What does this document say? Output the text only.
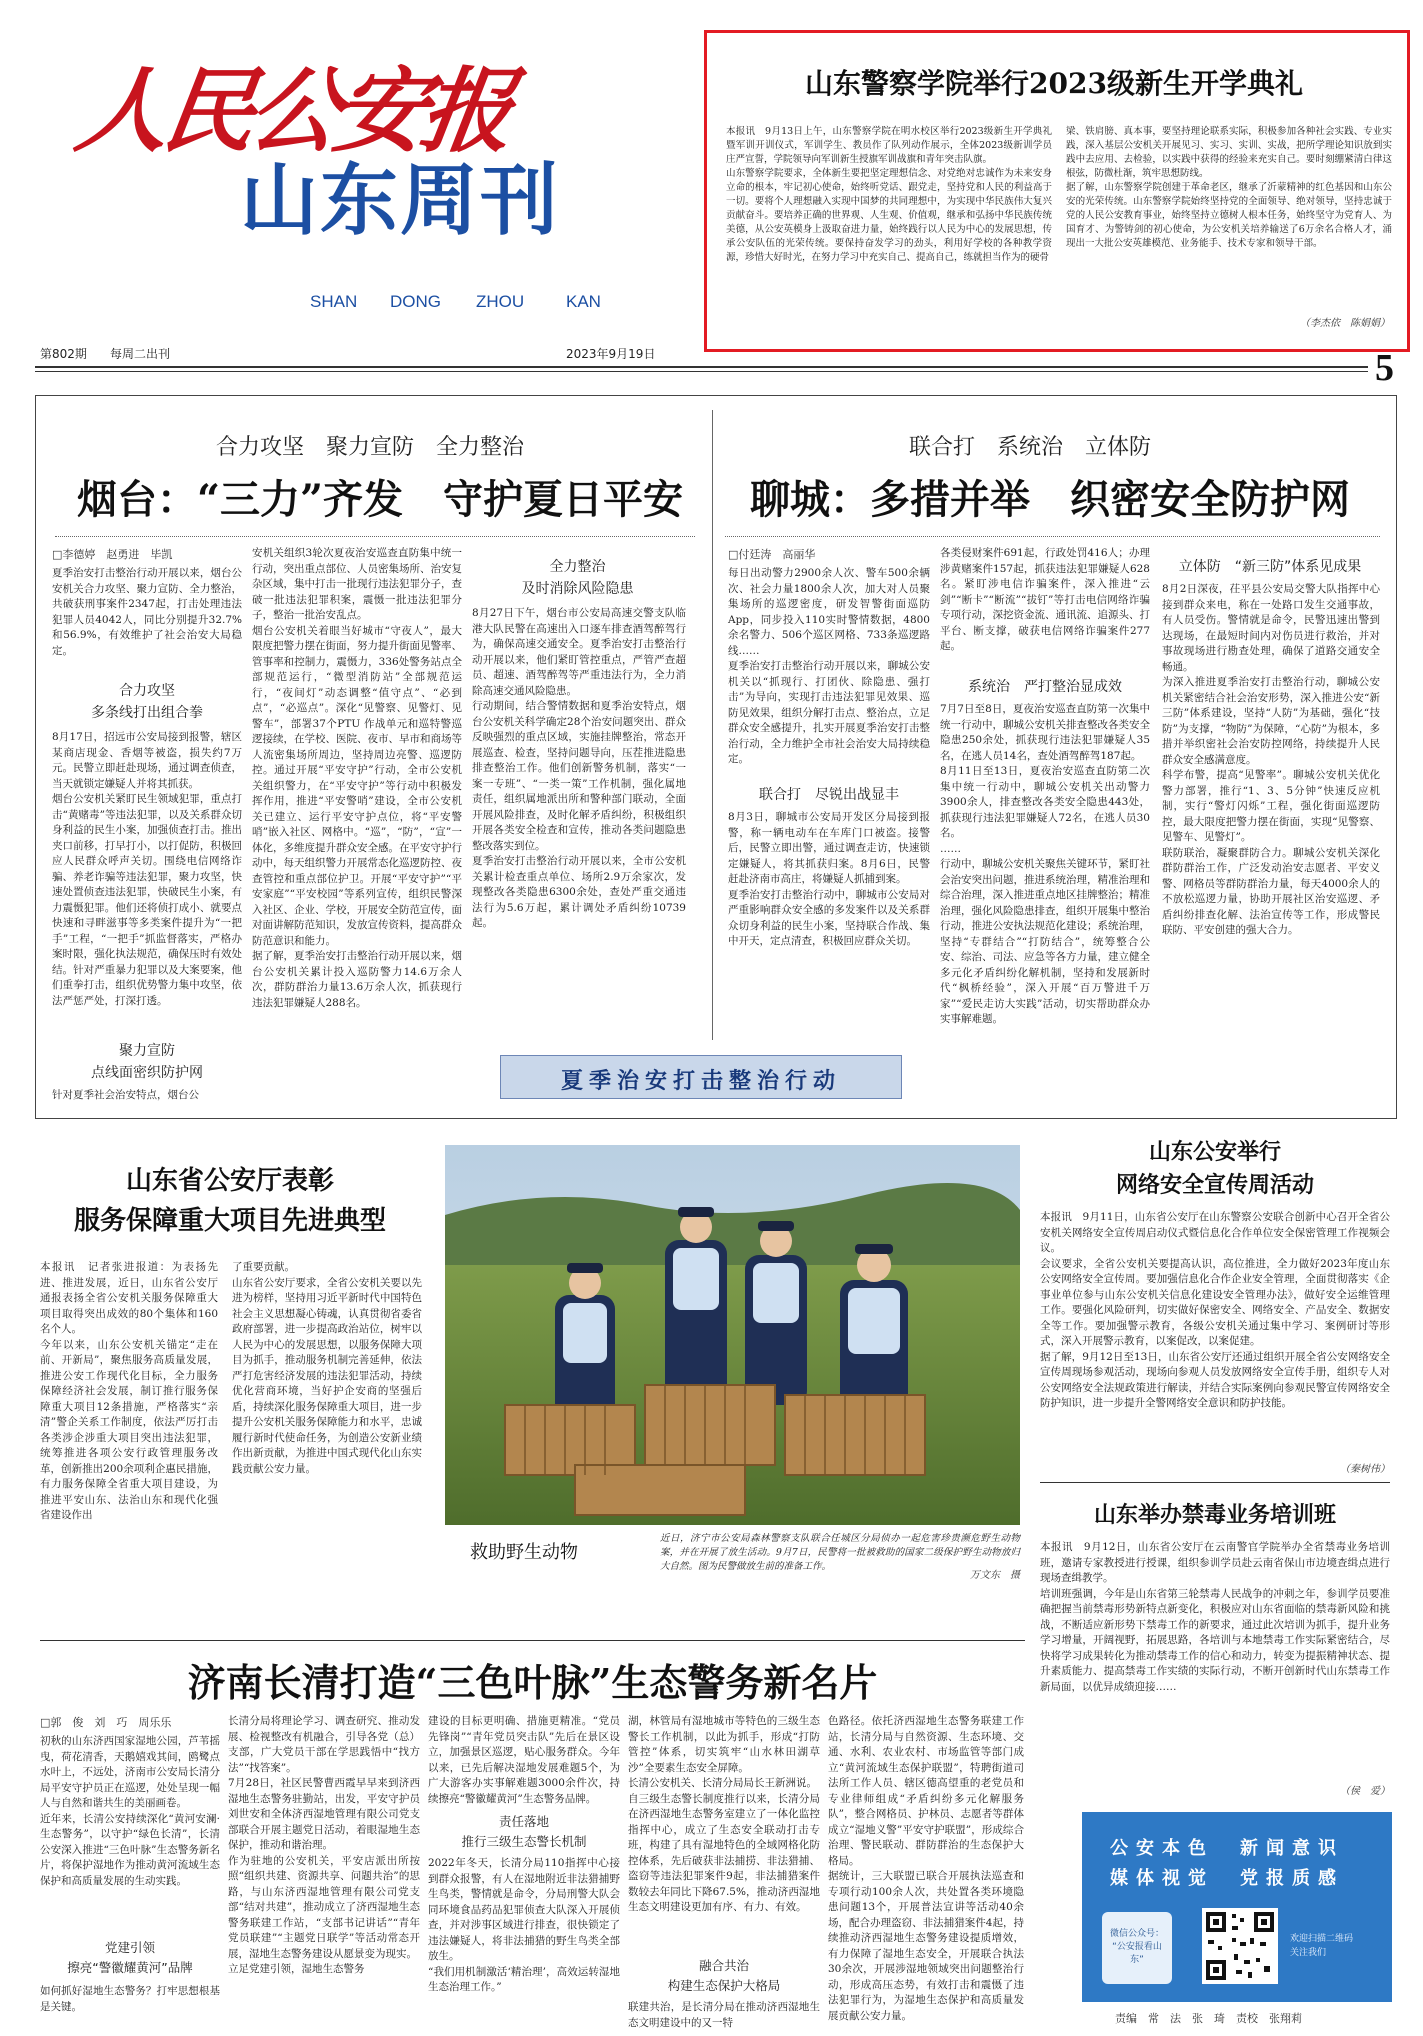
人民公安报
山东周刊
SHAN DONG ZHOU KAN
第802期 每周二出刊	2023年9月19日	5
山东警察学院举行2023级新生开学典礼
本报讯　9月13日上午，山东警察学院在明水校区举行2023级新生开学典礼暨军训开训仪式，军训学生、教员作了队列动作展示，全体2023级新训学员庄严宣誓，学院领导向军训新生授旗军训战旗和青年突击队旗。
山东警察学院要求，全体新生要把坚定理想信念、对党绝对忠诚作为未来安身立命的根本，牢记初心使命，始终听党话、跟党走，坚持党和人民的利益高于一切。要将个人理想融入实现中国梦的共同理想中，为实现中华民族伟大复兴贡献奋斗。要培养正确的世界观、人生观、价值观，继承和弘扬中华民族传统美德，从公安英模身上汲取奋进力量，始终践行以人民为中心的发展思想，传承公安队伍的光荣传统。要保持奋发学习的劲头，利用好学校的各种教学资源，珍惜大好时光，在努力学习中充实自己、提高自己，练就担当作为的硬骨
梁、铁肩膀、真本事，要坚持理论联系实际，积极参加各种社会实践、专业实践，深入基层公安机关开展见习、实习、实训、实战，把所学理论知识放到实践中去应用、去检验，以实践中获得的经验来充实自己。要时刻绷紧清白律这根弦，防微杜渐，筑牢思想防线。
据了解，山东警察学院创建于革命老区，继承了沂蒙精神的红色基因和山东公安的光荣传统。山东警察学院始终坚持党的全面领导、绝对领导，坚持忠诚于党的人民公安教育事业，始终坚持立德树人根本任务，始终坚守为党育人、为国育才、为警铸剑的初心使命，为公安机关培养输送了6万余名合格人才，涌现出一大批公安英雄模范、业务能手、技术专家和领导干部。
（李杰依　陈娟娟）
合力攻坚　聚力宣防　全力整治
烟台：“三力”齐发　守护夏日平安
□李德婷　赵勇进　毕凯
夏季治安打击整治行动开展以来，烟台公安机关合力攻坚、聚力宣防、全力整治，共破获刑事案件2347起，打击处理违法犯罪人员4042人，同比分别提升32.7%和56.9%，有效维护了社会治安大局稳定。
合力攻坚
多条线打出组合拳
8月17日，招远市公安局接到报警，辖区某商店现金、香烟等被盗，损失约7万元。民警立即赶赴现场，通过调查侦查，当天就锁定嫌疑人并将其抓获。
烟台公安机关紧盯民生领域犯罪，重点打击“黄赌毒”等违法犯罪，以及关系群众切身利益的民生小案，加强侦查打击。推出夹口前移，打早打小，以打促防，积极回应人民群众呼声关切。围绕电信网络诈骗、养老诈骗等违法犯罪，聚力攻坚，快速处置侦查违法犯罪，快破民生小案，有力震慑犯罪。他们还将侦打成小、就要点快速和寻畔滋事等多类案件提升为“一把手”工程，“一把手”抓监督落实，严格办案时限，强化执法规范，确保压时有效处结。针对严重暴力犯罪以及大案要案，他们重拳打击，组织优势警力集中攻坚，依法严惩严处，打深打透。
聚力宣防
点线面密织防护网
针对夏季社会治安特点，烟台公
安机关组织3轮次夏夜治安巡查直防集中统一行动，突出重点部位、人员密集场所、治安复杂区域，集中打击一批现行违法犯罪分子，查破一批违法犯罪积案，震慑一批违法犯罪分子，整治一批治安乱点。
烟台公安机关着眼当好城市“守夜人”，最大限度把警力摆在街面，努力提升街面见警率、管事率和控制力，震慑力，336处警务站点全部规范运行，“微型消防站”全部规范运行，“夜间灯”动态调整“值守点”、“必到点”，“必巡点”。深化“见警察、见警灯、见警车”，部署37个PTU 作战单元和巡特警巡逻接续，在学校、医院、夜市、早市和商场等人流密集场所周边，坚持周边亮警、巡逻防控。通过开展“平安守护”行动，全市公安机关组织警力，在“平安守护”等行动中积极发挥作用，推进“平安警哨”建设，全市公安机关已建立、运行平安守护点位，将“平安警哨”嵌入社区、网格中。“巡”，“防”，“宣”一体化，多维度提升群众安全感。在平安守护行动中，每天组织警力开展常态化巡逻防控、夜查管控和重点部位护卫。开展“平安守护”“平安家庭”“平安校园”等系列宣传，组织民警深入社区、企业、学校，开展安全防范宣传，面对面讲解防范知识，发放宣传资料，提高群众防范意识和能力。
据了解，夏季治安打击整治行动开展以来，烟台公安机关累计投入巡防警力14.6万余人次，群防群治力量13.6万余人次，抓获现行违法犯罪嫌疑人288名。
全力整治
及时消除风险隐患
8月27日下午，烟台市公安局高速交警支队临港大队民警在高速出入口逐车排查酒驾醉驾行为，确保高速交通安全。夏季治安打击整治行动开展以来，他们紧盯管控重点，严管严查超员、超速、酒驾醉驾等严重违法行为，全力消除高速交通风险隐患。
行动期间，结合警情数据和夏季治安特点，烟台公安机关科学确定28个治安问题突出、群众反映强烈的重点区域，实施挂牌整治，常态开展巡查、检查，坚持问题导向，压茬推进隐患排查整治工作。他们创新警务机制，落实“一案一专班”、“一类一策”工作机制，强化属地责任，组织属地派出所和警种部门联动，全面开展风险排查，及时化解矛盾纠纷，积极组织开展各类安全检查和宣传，推动各类问题隐患整改落实到位。
夏季治安打击整治行动开展以来，全市公安机关累计检查重点单位、场所2.9万余家次，发现整改各类隐患6300余处，查处严重交通违法行为5.6万起，累计调处矛盾纠纷10739起。
夏季治安打击整治行动
联合打　系统治　立体防
聊城：多措并举　织密安全防护网
□付廷涛　高丽华
每日出动警力2900余人次、警车500余辆次、社会力量1800余人次，加大对人员聚集场所的巡逻密度，研发智警街面巡防 App，同步投入110实时警情数据，4800余名警力、506个巡区网格、733条巡逻路线……
夏季治安打击整治行动开展以来，聊城公安机关以“抓现行、打团伙、除隐患、强打击”为导向，实现打击违法犯罪见效果、巡防见效果，组织分解打击点、整治点，立足群众安全感提升，扎实开展夏季治安打击整治行动，全力维护全市社会治安大局持续稳定。
联合打　尽锐出战显丰
8月3日，聊城市公安局开发区分局接到报警，称一辆电动车在车库门口被盗。接警后，民警立即出警，通过调查走访，快速锁定嫌疑人，将其抓获归案。8月6日，民警赶赴济南市高庄，将嫌疑人抓捕到案。
夏季治安打击整治行动中，聊城市公安局对严重影响群众安全感的多发案件以及关系群众切身利益的民生小案，坚持联合作战、集中开天，定点清查，积极回应群众关切。
各类侵财案件691起，行政处罚416人；办理涉黄赌案件157起，抓获违法犯罪嫌疑人628名。紧盯涉电信诈骗案件，深入推进“云剑”“断卡”“断流”“拔钉”等打击电信网络诈骗专项行动，深挖资金流、通讯流、追源头、打平台、断支撑，破获电信网络诈骗案件277起。
系统治　严打整治显成效
7月7日至8日，夏夜治安巡查直防第一次集中统一行动中，聊城公安机关排查整改各类安全隐患250余处，抓获现行违法犯罪嫌疑人35名，在逃人员14名，查处酒驾醉驾187起。
8月11日至13日，夏夜治安巡查直防第二次集中统一行动中，聊城公安机关出动警力3900余人，排查整改各类安全隐患443处，抓获现行违法犯罪嫌疑人72名，在逃人员30名。
……
行动中，聊城公安机关聚焦关键环节，紧盯社会治安突出问题，推进系统治理，精准治理和综合治理，深入推进重点地区挂牌整治；精准治理，强化风险隐患排查，组织开展集中整治行动，推进公安执法规范化建设；系统治理，坚持“专群结合”“打防结合”，统筹整合公安、综治、司法、应急等各方力量，建立健全多元化矛盾纠纷化解机制，坚持和发展新时代“枫桥经验”，深入开展“百万警进千万家”“爱民走访大实践”活动，切实帮助群众办实事解难题。
立体防　“新三防”体系见成果
8月2日深夜，茌平县公安局交警大队指挥中心接到群众来电，称在一处路口发生交通事故，有人员受伤。警情就是命令，民警迅速出警到达现场，在最短时间内对伤员进行救治，并对事故现场进行勘查处理，确保了道路交通安全畅通。
为深入推进夏季治安打击整治行动，聊城公安机关紧密结合社会治安形势，深入推进公安“新三防”体系建设，坚持“人防”为基础，强化“技防”为支撑，“物防”为保障，“心防”为根本，多措并举织密社会治安防控网络，持续提升人民群众安全感满意度。
科学布警，提高“见警率”。聊城公安机关优化警力部署，推行“1、3、5分钟”快速反应机制，实行“警灯闪烁”工程，强化街面巡逻防控，最大限度把警力摆在街面，实现“见警察、见警车、见警灯”。
联防联治，凝聚群防合力。聊城公安机关深化群防群治工作，广泛发动治安志愿者、平安义警、网格员等群防群治力量，每天4000余人的不放松巡逻力量，协助开展社区治安巡逻、矛盾纠纷排查化解、法治宣传等工作，形成警民联防、平安创建的强大合力。
山东省公安厅表彰
服务保障重大项目先进典型
本报讯　记者张进报道：为表扬先进、推进发展，近日，山东省公安厅通报表扬全省公安机关服务保障重大项目取得突出成效的80个集体和160名个人。
今年以来，山东公安机关锚定“走在前、开新局”，聚焦服务高质量发展，推进公安工作现代化目标，全力服务保障经济社会发展，制订推行服务保障重大项目12条措施，严格落实“亲清”警企关系工作制度，依法严厉打击各类涉企涉重大项目突出违法犯罪，统筹推进各项公安行政管理服务改革，创新推出200余项利企惠民措施，有力服务保障全省重大项目建设，为推进平安山东、法治山东和现代化强省建设作出
了重要贡献。
山东省公安厅要求，全省公安机关要以先进为榜样，坚持用习近平新时代中国特色社会主义思想凝心铸魂，认真贯彻省委省政府部署，进一步提高政治站位，树牢以人民为中心的发展思想，以服务保障大项目为抓手，推动服务机制完善延伸，依法严打危害经济发展的违法犯罪活动，持续优化营商环境，当好护企安商的坚强后盾，持续深化服务保障重大项目，进一步提升公安机关服务保障能力和水平，忠诚履行新时代使命任务，为创造公安新业绩作出新贡献，为推进中国式现代化山东实践贡献公安力量。
救助野生动物
近日，济宁市公安局森林警察支队联合任城区分局侦办一起危害珍贵濒危野生动物案，并在开展了放生活动。9月7日，民警将一批被救助的国家二级保护野生动物放归大自然。图为民警做放生前的准备工作。
万文东　摄
山东公安举行
网络安全宣传周活动
本报讯　9月11日，山东省公安厅在山东警察公安联合创新中心召开全省公安机关网络安全宣传周启动仪式暨信息化合作单位安全保密管理工作视频会议。
会议要求，全省公安机关要提高认识，高位推进，全力做好2023年度山东公安网络安全宣传周。要加强信息化合作企业安全管理，全面贯彻落实《企事业单位参与山东公安机关信息化建设安全管理办法》，做好安全运维管理工作。要强化风险研判，切实做好保密安全、网络安全、产品安全、数据安全等工作。要加强警示教育，各级公安机关通过集中学习、案例研讨等形式，深入开展警示教育，以案促改，以案促建。
据了解，9月12日至13日，山东省公安厅还通过组织开展全省公安网络安全宣传周现场参观活动，现场向参观人员发放网络安全宣传手册，组织专人对公安网络安全法规政策进行解读，并结合实际案例向参观民警宣传网络安全防护知识，进一步提升全警网络安全意识和防护技能。
（秦树伟）
山东举办禁毒业务培训班
本报讯　9月12日，山东省公安厅在云南警官学院举办全省禁毒业务培训班，邀请专家教授进行授课，组织参训学员赴云南省保山市边境查缉点进行现场查缉教学。
培训班强调，今年是山东省第三轮禁毒人民战争的冲刺之年，参训学员要准确把握当前禁毒形势新特点新变化，积极应对山东省面临的禁毒新风险和挑战，不断适应新形势下禁毒工作的新要求，通过此次培训为抓手，提升业务学习增量，开阔视野，拓展思路，各培训与本地禁毒工作实际紧密结合，尽快将学习成果转化为推动禁毒工作的信心和动力，转变为提振精神状态、提升素质能力、提高禁毒工作实绩的实际行动，不断开创新时代山东禁毒工作新局面，以优异成绩迎接……
（侯　爱）
济南长清打造“三色叶脉”生态警务新名片
□郭　俊　刘　巧　周乐乐
初秋的山东济西国家湿地公园，芦苇摇曳，荷花清香，天鹅嬉戏其间，鸥鹭点水叶上，不远处，济南市公安局长清分局平安守护员正在巡逻，处处呈现一幅人与自然和谐共生的美丽画卷。
近年来，长清公安持续深化“黄河安澜·生态警务”，以守护“绿色长清”，长清公安深入推进“三色叶脉”生态警务新名片，将保护湿地作为推动黄河流域生态保护和高质量发展的生动实践。
党建引领
擦亮“警徽耀黄河”品牌
如何抓好湿地生态警务？打牢思想根基是关键。
长清分局将理论学习、调查研究、推动发展、检视整改有机融合，引导各党（总）支部，广大党员干部在学思践悟中“找方法”“找答案”。
7月28日，社区民警曹西霞早早来到济西湿地生态警务驻勤站，出发，平安守护员刘世安和全体济西湿地管理有限公司党支部联合开展主题党日活动，着眼湿地生态保护，推动和谐治理。
作为驻地的公安机关，平安店派出所按照“组织共建、资源共享、问题共治”的思路，与山东济西湿地管理有限公司党支部“结对共建”，推动成立了济西湿地生态警务联建工作站，“支部书记讲话”“青年党员联建”“主题党日联学”等活动常态开展，湿地生态警务建设从愿景变为现实。
立足党建引领，湿地生态警务
建设的目标更明确、措施更精准。“党员先锋岗”“青年党员突击队”先后在景区设立，加强景区巡逻，贴心服务群众。今年以来，已先后解决湿地发展难题5个，为广大游客办实事解难题3000余件次，持续擦亮“警徽耀黄河”生态警务品牌。
责任落地
推行三级生态警长机制
2022年冬天，长清分局110指挥中心接到群众报警，有人在湿地附近非法猎捕野生鸟类，警情就是命令，分局刑警大队会同环境食品药品犯罪侦查大队深入开展侦查，并对涉事区域进行排查，很快锁定了违法嫌疑人，将非法捕猎的野生鸟类全部放生。
“我们用机制激活‘精治理’，高效运转湿地生态治理工作。”
湖，林管局有湿地城市等特色的三级生态警长工作机制，以此为抓手，形成“打防管控”体系，切实筑牢“山水林田湖草沙”全要素生态安全屏障。
长清公安机关、长清分局局长王新洲说。
自三级生态警长制度推行以来，长清分局在济西湿地生态警务室建立了一体化监控指挥中心，成立了生态安全联动打击专班，构建了具有湿地特色的全域网格化防控体系，先后破获非法捕捞、非法猎捕、盗窃等违法犯罪案件9起，非法捕猎案件数较去年同比下降67.5%，推动济西湿地生态文明建设更加有序、有力、有效。
融合共治
构建生态保护大格局
联建共治，是长清分局在推动济西湿地生态文明建设中的又一特
色路径。依托济西湿地生态警务联建工作站，长清分局与自然资源、生态环境、交通、水利、农业农村、市场监管等部门成立“黄河流域生态保护联盟”，特聘街道司法所工作人员、辖区德高望重的老党员和专业律师组成“矛盾纠纷多元化解服务队”，整合网格员、护林员、志愿者等群体成立“湿地义警”平安守护联盟”，形成综合治理、警民联动、群防群治的生态保护大格局。
据统计，三大联盟已联合开展执法巡查和专项行动100余人次，共处置各类环境隐患问题13个，开展普法宣讲等活动40余场，配合办理盗窃、非法捕猎案件4起，持续推动济西湿地生态警务建设提质增效，有力保障了湿地生态安全，开展联合执法30余次，开展涉湿地领域突出问题整治行动，形成高压态势，有效打击和震慑了违法犯罪行为，为湿地生态保护和高质量发展贡献公安力量。
公安本色　新闻意识
媒体视觉　党报质感
微信公众号：
“公安报看山东”
欢迎扫描二维码
关注我们
责编　常　法　张　琦　责校　张翔莉
